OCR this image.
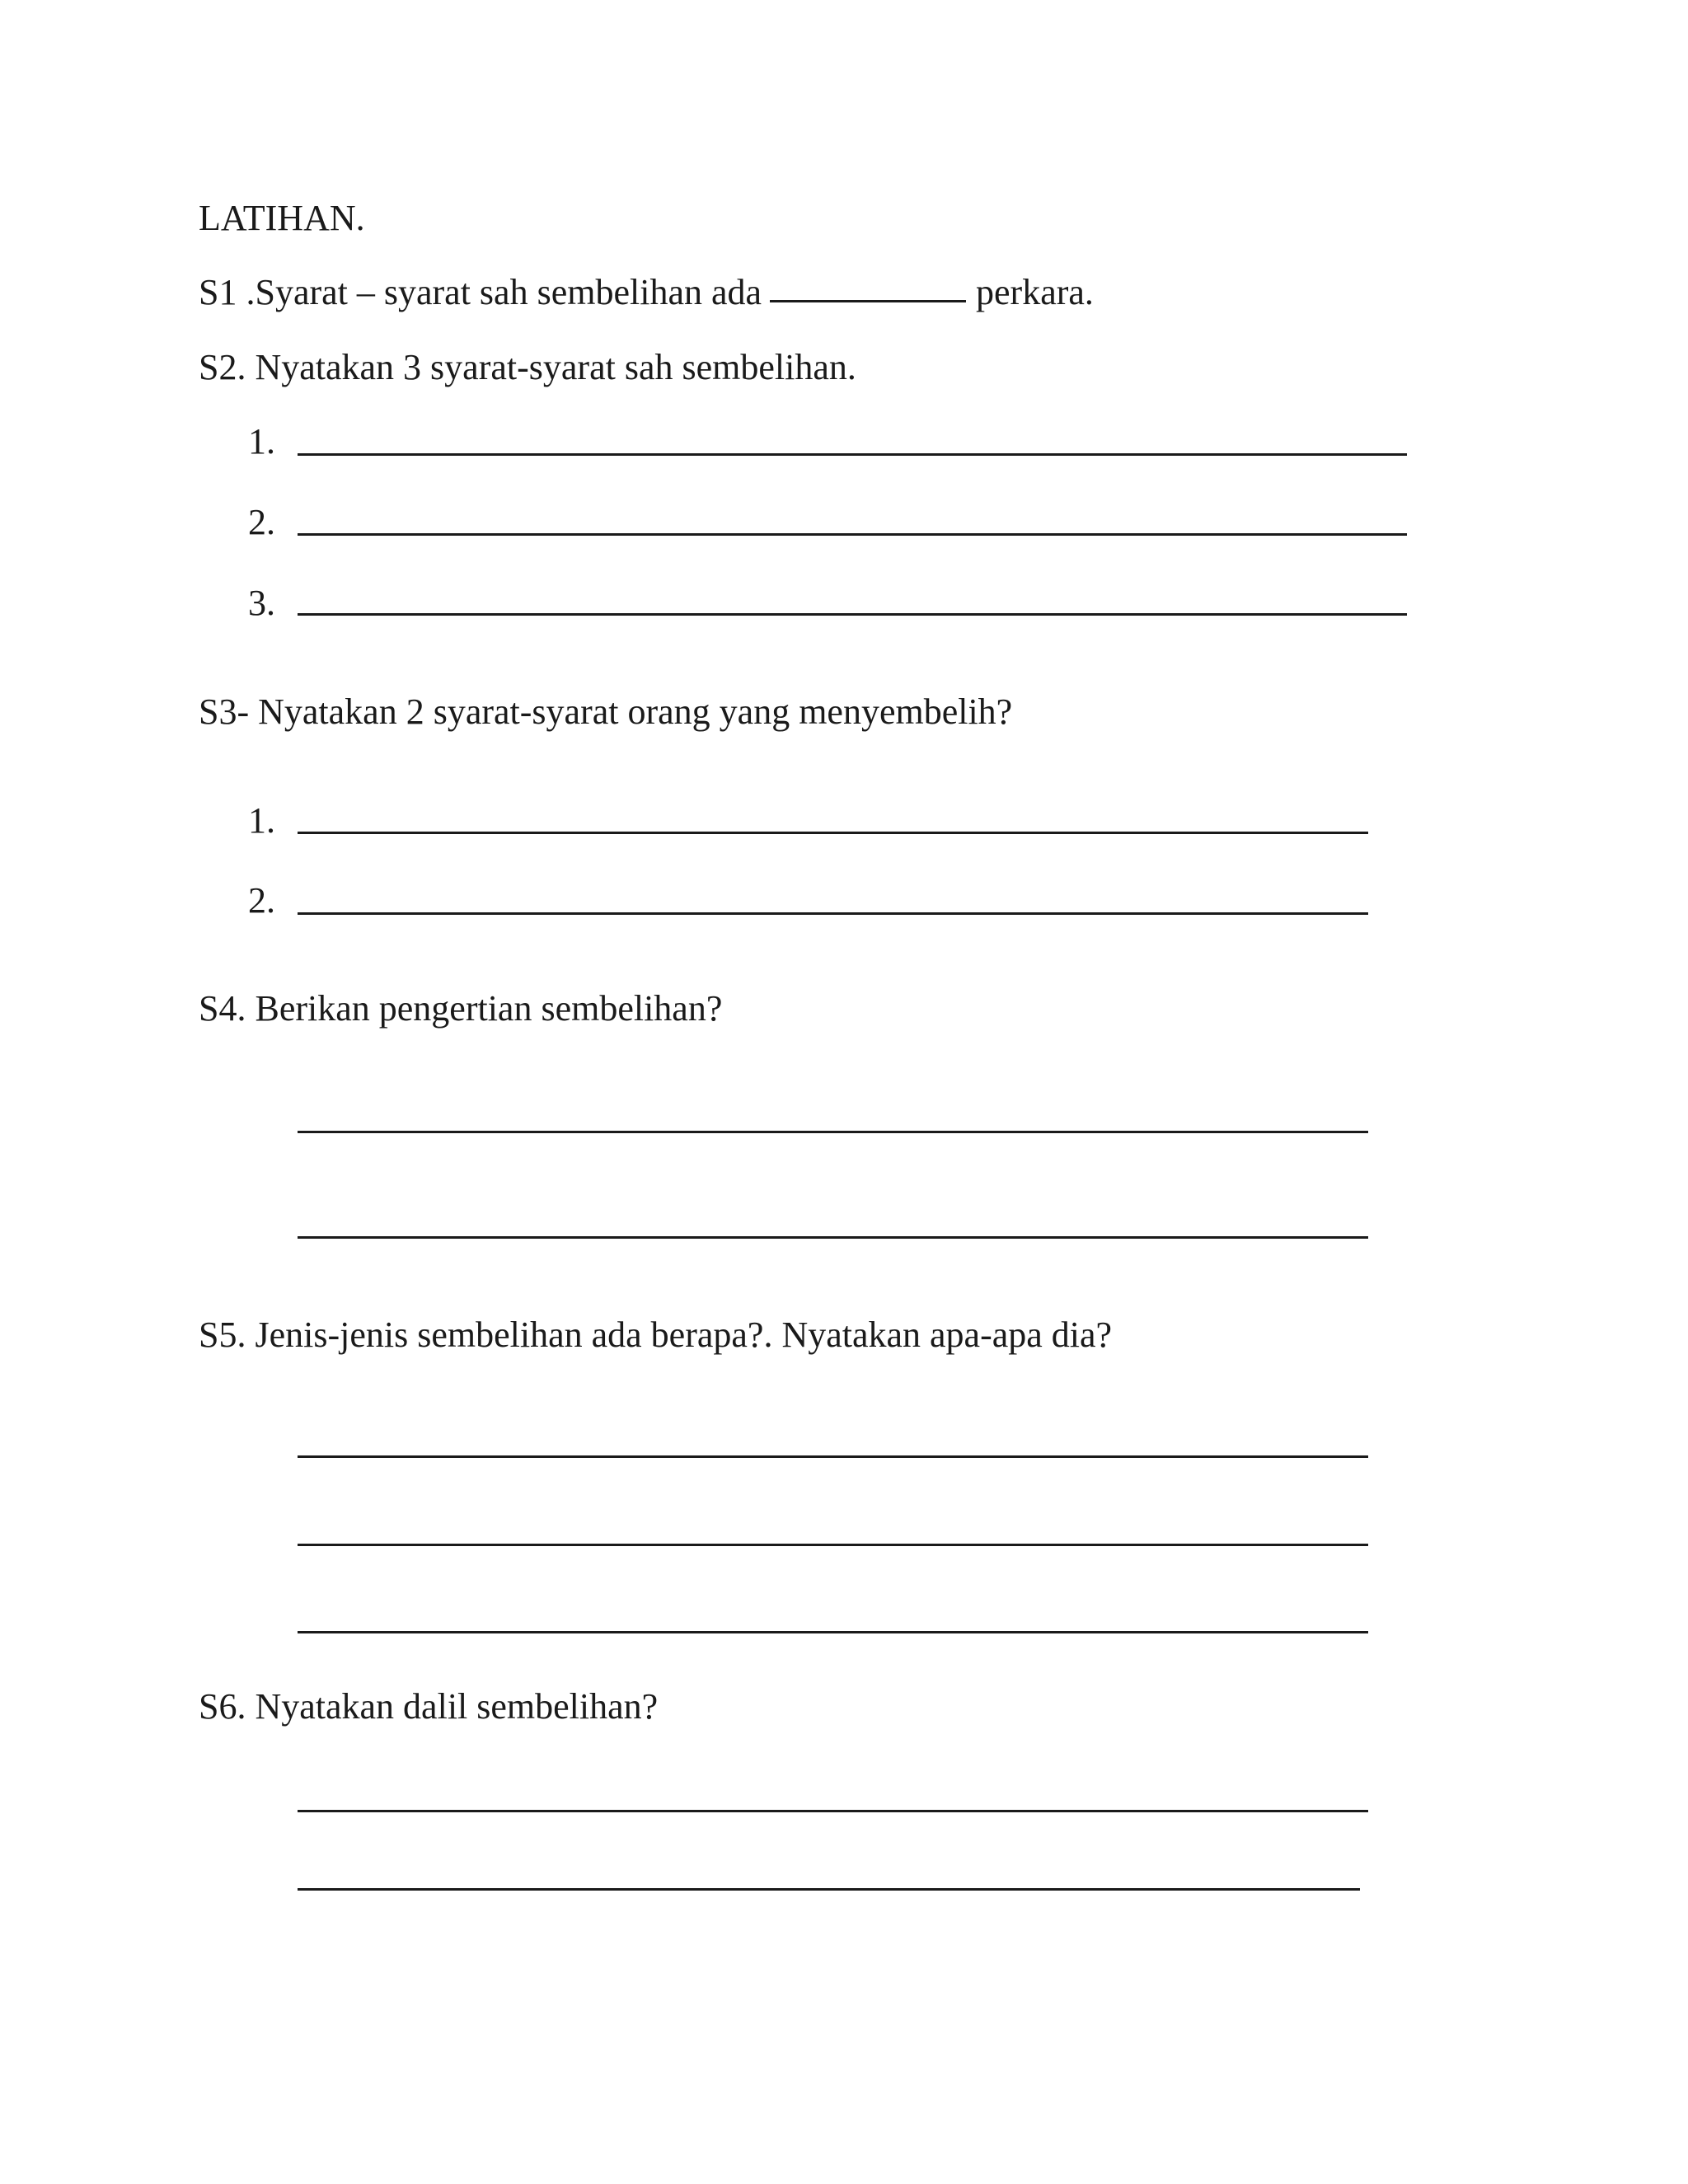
LATIHAN.
S1 .Syarat – syarat sah sembelihan ada	perkara.
S2. Nyatakan 3 syarat-syarat sah sembelihan.
1.
2.
3.
S3- Nyatakan 2 syarat-syarat orang yang menyembelih?
1.
2.
S4. Berikan pengertian sembelihan?
S5. Jenis-jenis sembelihan ada berapa?. Nyatakan apa-apa dia?
S6. Nyatakan dalil sembelihan?
